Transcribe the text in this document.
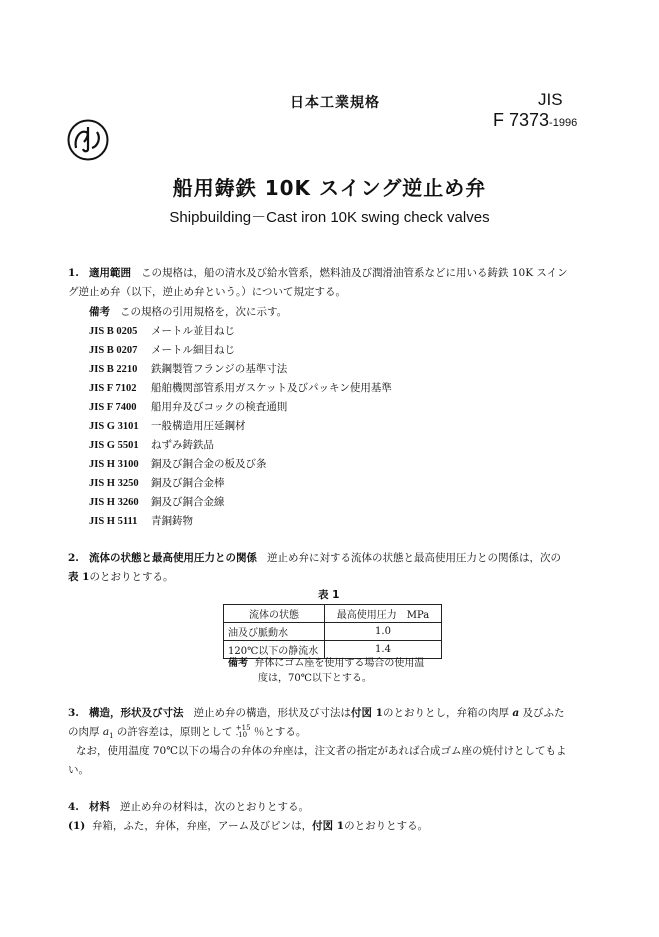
日本工業規格	JIS
F 7373-1996
船用鋳鉄 10K スイング逆止め弁
Shipbuilding－Cast iron 10K swing check valves
1. 適用範囲 この規格は，船の清水及び給水管系，燃料油及び潤滑油管系などに用いる鋳鉄 10K スイン
グ逆止め弁（以下，逆止め弁という。）について規定する。
備考 この規格の引用規格を，次に示す。
JIS B 0205 メートル並目ねじ
JIS B 0207 メートル細目ねじ
JIS B 2210 鉄鋼製管フランジの基準寸法
JIS F 7102 船舶機関部管系用ガスケット及びパッキン使用基準
JIS F 7400 船用弁及びコックの検査通則
JIS G 3101 一般構造用圧延鋼材
JIS G 5501 ねずみ鋳鉄品
JIS H 3100 銅及び銅合金の板及び条
JIS H 3250 銅及び銅合金棒
JIS H 3260 銅及び銅合金線
JIS H 5111 青銅鋳物
2. 流体の状態と最高使用圧力との関係 逆止め弁に対する流体の状態と最高使用圧力との関係は，次の
表 1のとおりとする。
表 1
流体の状態	最高使用圧力　MPa
油及び脈動水	1.0
120℃以下の静流水	1.4
備考 弁体にゴム座を使用する場合の使用温
度は，70℃以下とする。
3. 構造，形状及び寸法 逆止め弁の構造，形状及び寸法は付図 1のとおりとし，弁箱の肉厚 a 及びふた
の肉厚 $a_1$ の許容差は，原則として +15
-10 ％とする。
なお，使用温度 70℃以下の場合の弁体の弁座は，注文者の指定があれば合成ゴム座の焼付けとしてもよ
い。
4. 材料 逆止め弁の材料は，次のとおりとする。
(1) 弁箱，ふた，弁体，弁座，アーム及びピンは，付図 1のとおりとする。
